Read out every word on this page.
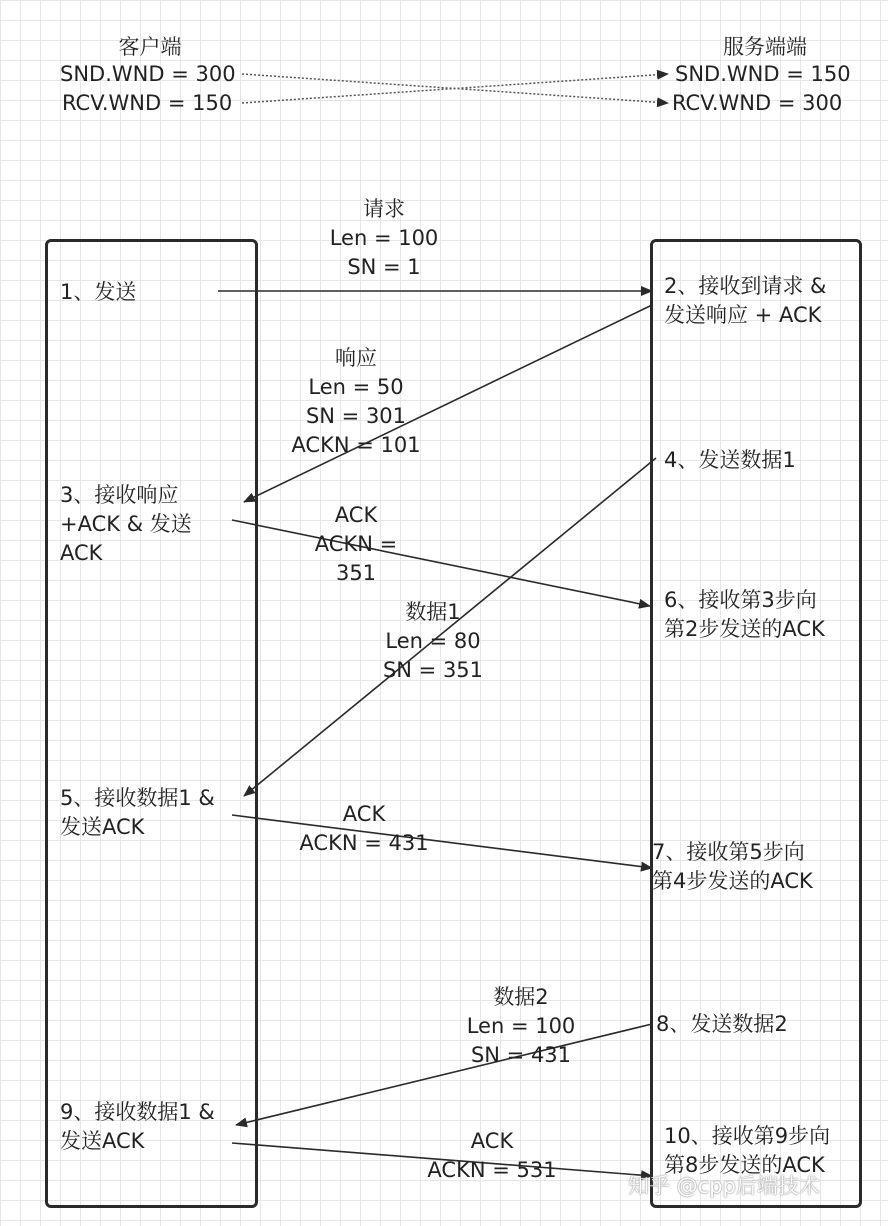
客户端
SND.WND = 300
RCV.WND = 150
服务端端
SND.WND = 150
RCV.WND = 300
1、发送
3、接收响应
+ACK & 发送
ACK
5、接收数据1 &
发送ACK
9、接收数据1 &
发送ACK
2、接收到请求 &
发送响应 + ACK
4、发送数据1
6、接收第3步向
第2步发送的ACK
7、接收第5步向
第4步发送的ACK
8、发送数据2
10、接收第9步向
第8步发送的ACK
请求
Len = 100
SN = 1
响应
Len = 50
SN = 301
ACKN = 101
ACK
ACKN =
351
数据1
Len = 80
SN = 351
ACK
ACKN = 431
数据2
Len = 100
SN = 431
ACK
ACKN = 531
知乎 @cpp后端技术
